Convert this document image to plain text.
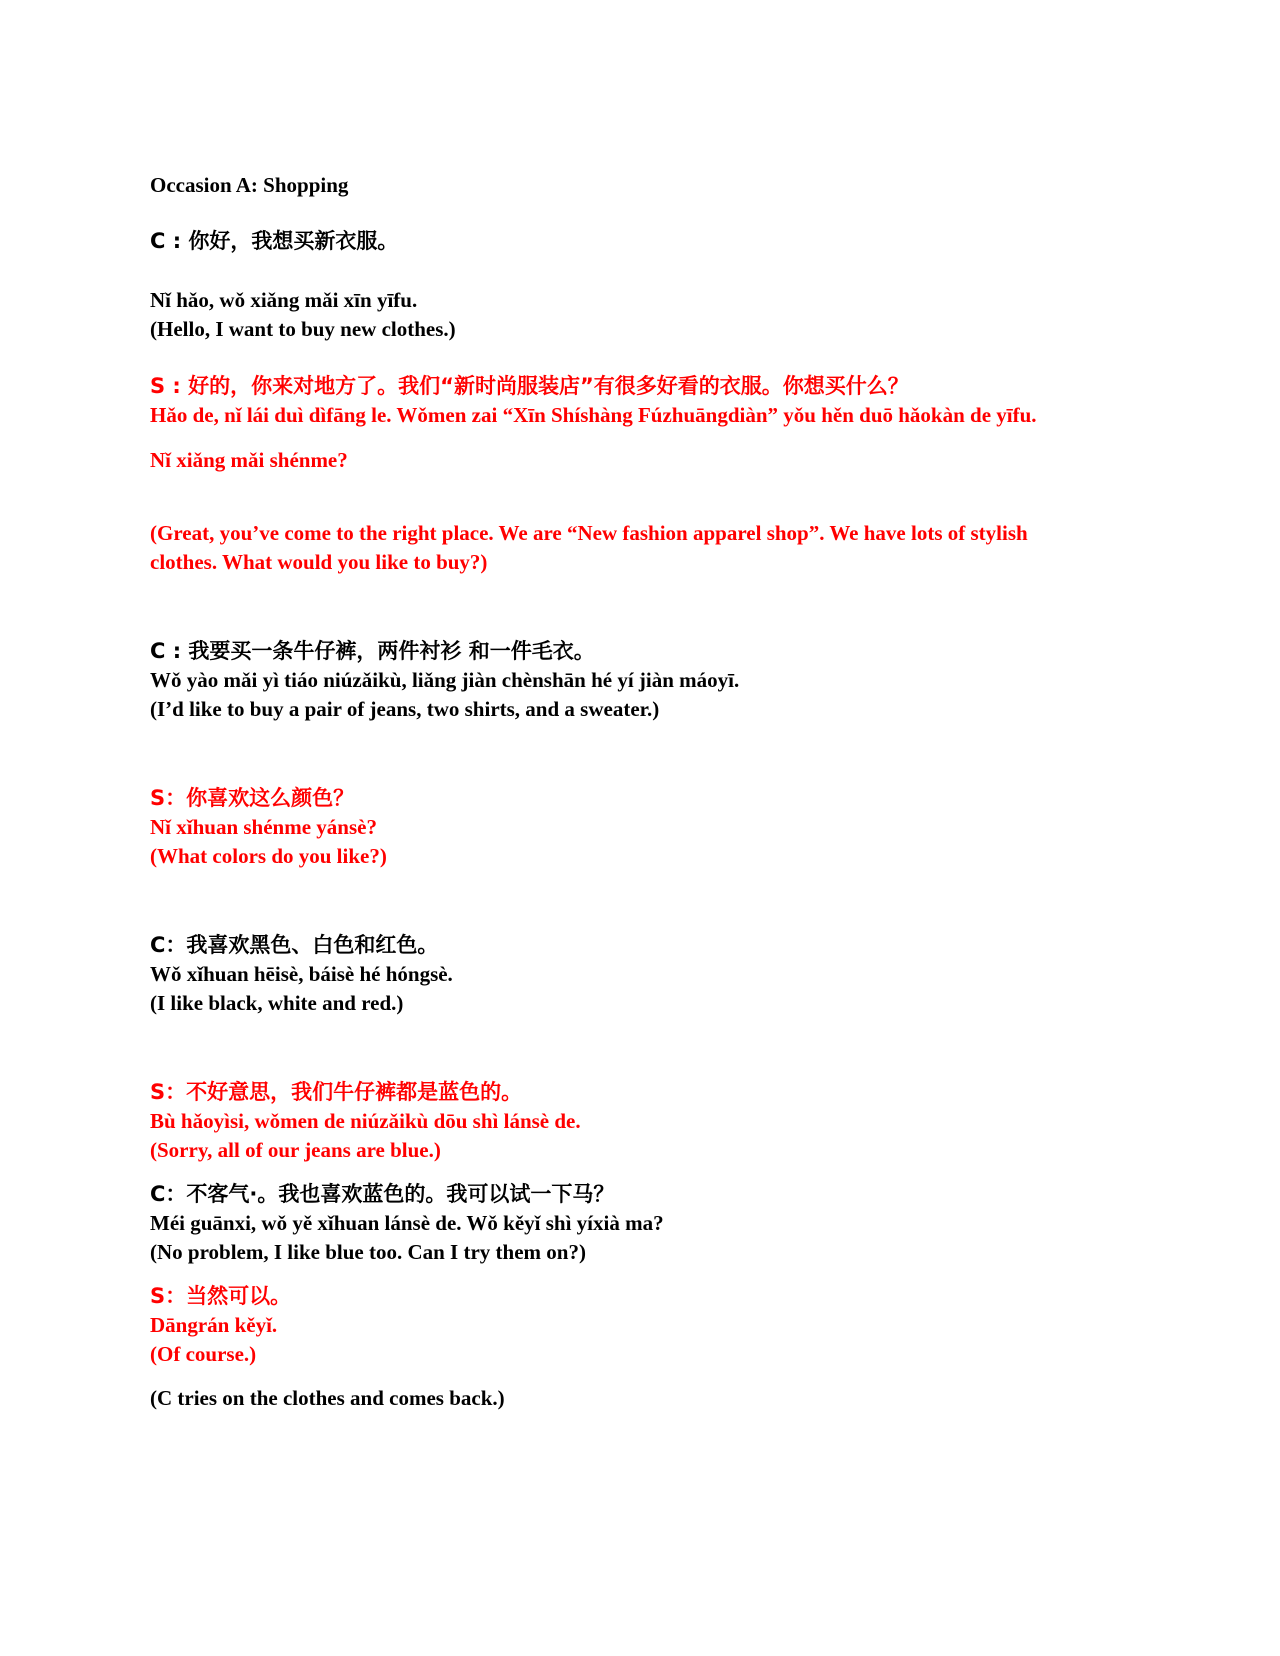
Occasion A: Shopping
C : 你好，我想买新衣服。
Nǐ hǎo, wǒ xiǎng mǎi xīn yīfu.
(Hello, I want to buy new clothes.)
S : 好的，你来对地方了。我们“新时尚服装店”有很多好看的衣服。你想买什么？
Hǎo de, nǐ lái duì dìfāng le. Wǒmen zai “Xīn Shíshàng Fúzhuāngdiàn” yǒu hěn duō hǎokàn de yīfu.
Nǐ xiǎng mǎi shénme?
(Great, you’ve come to the right place. We are “New fashion apparel shop”. We have lots of stylish
clothes. What would you like to buy?)
C : 我要买一条牛仔裤，两件衬衫 和一件毛衣。
Wǒ yào mǎi yì tiáo niúzǎikù, liǎng jiàn chènshān hé yí jiàn máoyī.
(I’d like to buy a pair of jeans, two shirts, and a sweater.)
S：你喜欢这么颜色？
Nǐ xǐhuan shénme yánsè?
(What colors do you like?)
C：我喜欢黑色、白色和红色。
Wǒ xǐhuan hēisè, báisè hé hóngsè.
(I like black, white and red.)
S：不好意思，我们牛仔裤都是蓝色的。
Bù hǎoyìsi, wǒmen de niúzǎikù dōu shì lánsè de.
(Sorry, all of our jeans are blue.)
C：不客气·。我也喜欢蓝色的。我可以试一下马？
Méi guānxi, wǒ yě xǐhuan lánsè de. Wǒ kěyǐ shì yíxià ma?
(No problem, I like blue too. Can I try them on?)
S：当然可以。
Dāngrán kěyǐ.
(Of course.)
(C tries on the clothes and comes back.)
